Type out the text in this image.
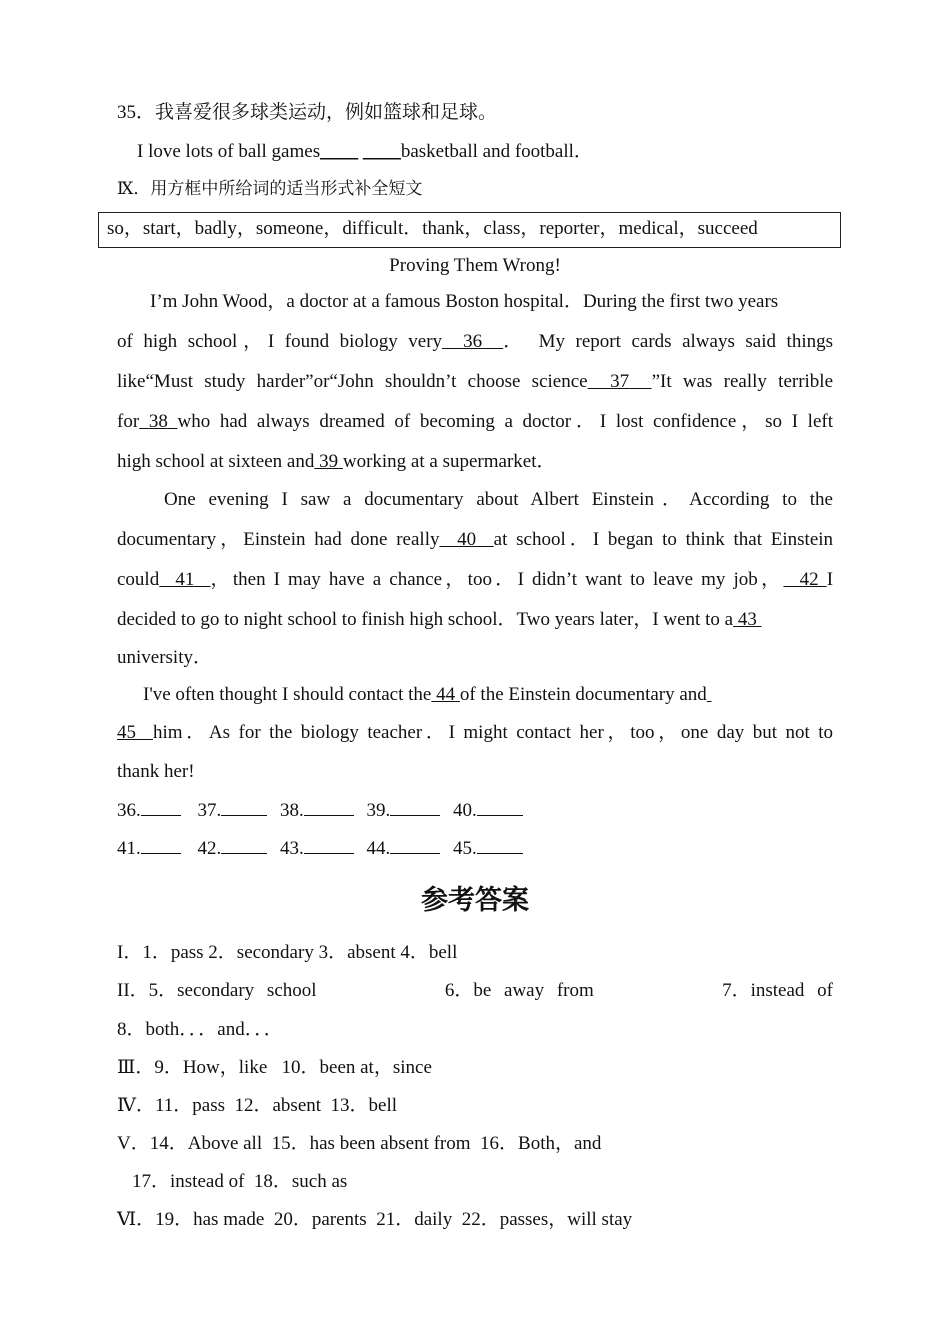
35．我喜爱很多球类运动，例如篮球和足球。
I love lots of ball games____ ____basketball and football．
Ⅸ．用方框中所给词的适当形式补全短文
so，start，badly，someone，difficult．thank，class，reporter，medical，succeed
Proving Them Wrong!
I’m John Wood，a doctor at a famous Boston hospital．During the first two years
of high school，I found biology very 36 ． My report cards always said things
like“Must study harder”or“John shouldn’t choose science 37 ”It was really terrible
for 38 who had always dreamed of becoming a doctor．I lost confidence，so I left
high school at sixteen and 39 working at a supermarket．
One evening I saw a documentary about Albert Einstein．According to the
documentary，Einstein had done really 40 at school．I began to think that Einstein
could 41 ，then I may have a chance，too．I didn’t want to leave my job， 42 I
decided to go to night school to finish high school．Two years later，I went to a 43
university．
I've often thought I should contact the 44 of the Einstein documentary and
45 him．As for the biology teacher．I might contact her，too，one day but not to
thank her!
36.	37.	38.	39.	40.
41.	42.	43.	44.	45.
参考答案
I．1．pass 2．secondary 3．absent 4．bell
II．5．secondary school	6．be away from	7．instead of
8．both．．．and．．．
Ⅲ．9．How，like   10．been at，since
Ⅳ．11．pass  12．absent  13．bell
V．14．Above all  15．has been absent from  16．Both，and
17．instead of  18．such as
Ⅵ．19．has made  20．parents  21．daily  22．passes，will stay
